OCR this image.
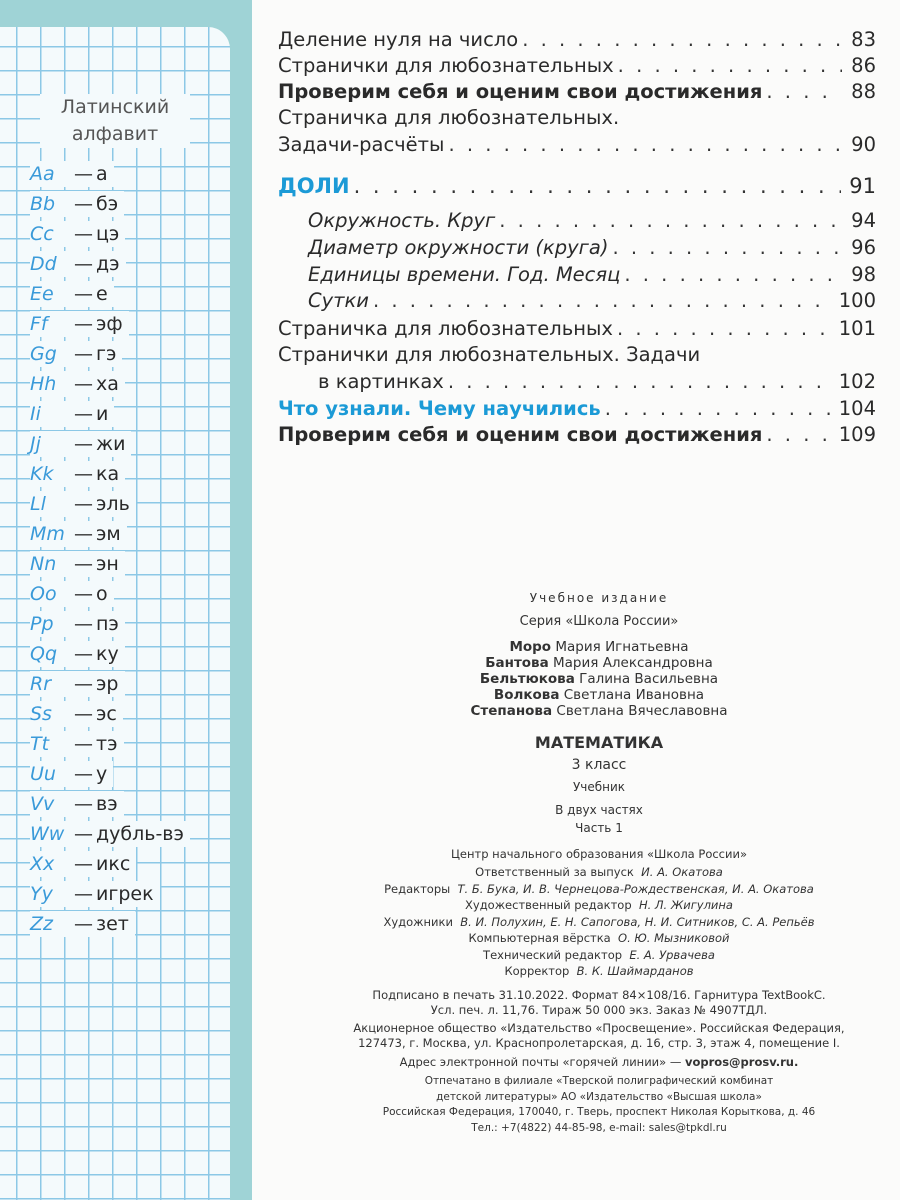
Латинский
алфавит
Aa — а
Bb — бэ
Cc — цэ
Dd — дэ
Ee — е
Ff — эф
Gg — гэ
Hh — ха
Ii — и
Jj — жи
Kk — ка
Ll — эль
Mm — эм
Nn — эн
Oo — о
Pp — пэ
Qq — ку
Rr — эр
Ss — эс
Tt — тэ
Uu — у
Vv — вэ
Ww — дубль-вэ
Xx — икс
Yy — игрек
Zz — зет
Деление нуля на число . . .	83
Странички для любознательных . . .	86
Проверим себя и оценим свои достижения . . .	88
Страничка для любознательных.
Задачи-расчёты . . .	90
ДОЛИ . . .	91
Окружность. Круг . . .	94
Диаметр окружности (круга) . . .	96
Единицы времени. Год. Месяц . . .	98
Сутки . . .	100
Страничка для любознательных . . .	101
Странички для любознательных. Задачи
в картинках . . .	102
Что узнали. Чему научились . . .	104
Проверим себя и оценим свои достижения . . .	109
Учебное издание
Серия «Школа России»
Моро Мария Игнатьевна
Бантова Мария Александровна
Бельтюкова Галина Васильевна
Волкова Светлана Ивановна
Степанова Светлана Вячеславовна
МАТЕМАТИКА
3 класс
Учебник
В двух частях
Часть 1
Центр начального образования «Школа России»
Ответственный за выпуск И. А. Окатова
Редакторы Т. Б. Бука, И. В. Чернецова-Рождественская, И. А. Окатова
Художественный редактор Н. Л. Жигулина
Художники В. И. Полухин, Е. Н. Сапогова, Н. И. Ситников, С. А. Репьёв
Компьютерная вёрстка О. Ю. Мызниковой
Технический редактор Е. А. Урвачева
Корректор В. К. Шаймарданов
Подписано в печать 31.10.2022. Формат 84×108/16. Гарнитура TextBookC.
Усл. печ. л. 11,76. Тираж 50 000 экз. Заказ № 4907ТДЛ.
Акционерное общество «Издательство «Просвещение». Российская Федерация,
127473, г. Москва, ул. Краснопролетарская, д. 16, стр. 3, этаж 4, помещение I.
Адрес электронной почты «горячей линии» — vopros@prosv.ru.
Отпечатано в филиале «Тверской полиграфический комбинат
детской литературы» АО «Издательство «Высшая школа»
Российская Федерация, 170040, г. Тверь, проспект Николая Корыткова, д. 46
Тел.: +7(4822) 44-85-98, e-mail: sales@tpkdl.ru
